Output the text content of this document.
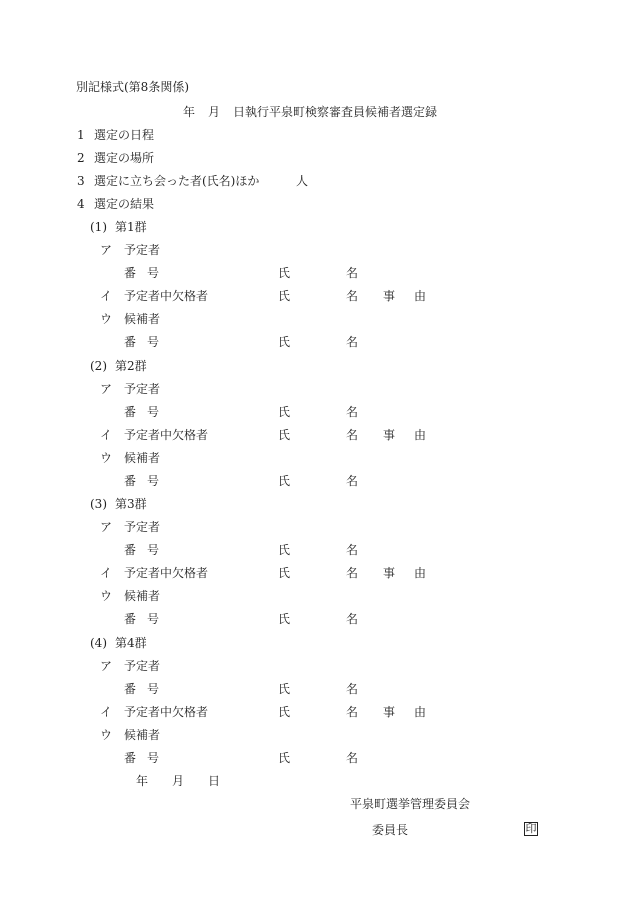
別記様式(第8条関係)
年 月 日執行平泉町検察審査員候補者選定録
1 選定の日程
2 選定の場所
3 選定に立ち会った者(氏名)ほか	人
4 選定の結果
(1) 第1群
ア 予定者
番 号	氏	名
イ 予定者中欠格者	氏	名 事 由
ウ 候補者
番 号	氏	名
(2) 第2群
ア 予定者
番 号	氏	名
イ 予定者中欠格者	氏	名 事 由
ウ 候補者
番 号	氏	名
(3) 第3群
ア 予定者
番 号	氏	名
イ 予定者中欠格者	氏	名 事 由
ウ 候補者
番 号	氏	名
(4) 第4群
ア 予定者
番 号	氏	名
イ 予定者中欠格者	氏	名 事 由
ウ 候補者
番 号	氏	名
年 月 日
平泉町選挙管理委員会
委員長	印
